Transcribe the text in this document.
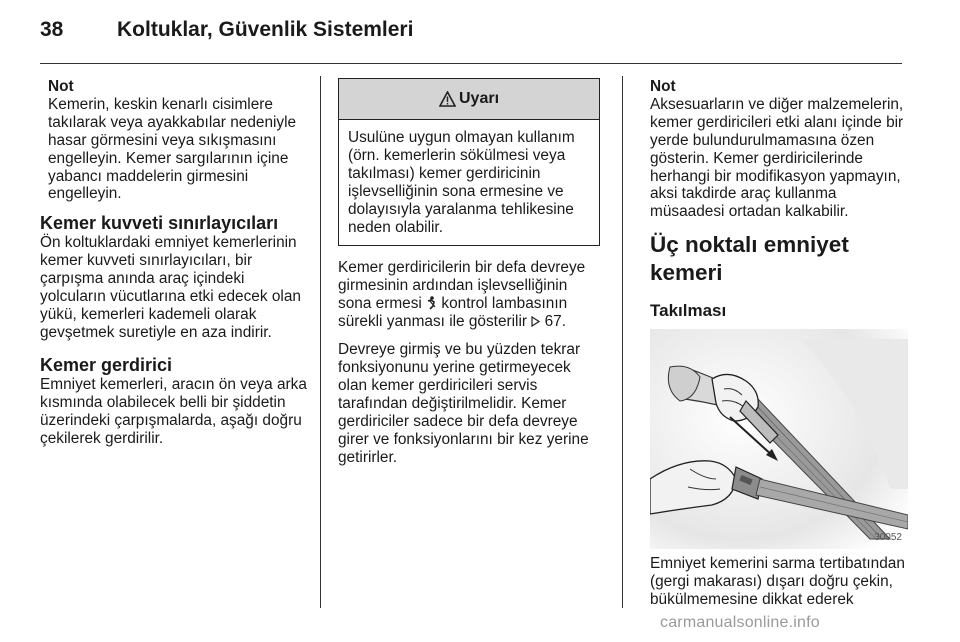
38	Koltuklar, Güvenlik Sistemleri
Not

Kemerin, keskin kenarlı cisimlere takılarak veya ayakkabılar nedeniyle hasar görmesini veya sıkışmasını engelleyin. Kemer sargılarının içine yabancı maddelerin girmesini engelleyin.

Kemer kuvveti sınırlayıcıları

Ön koltuklardaki emniyet kemerlerinin kemer kuvveti sınırlayıcıları, bir çarpışma anında araç içindeki yolcuların vücutlarına etki edecek olan yükü, kemerleri kademeli olarak gevşetmek suretiyle en aza indirir.

Kemer gerdirici

Emniyet kemerleri, aracın ön veya arka kısmında olabilecek belli bir şiddetin üzerindeki çarpışmalarda, aşağı doğru çekilerek gerdirilir.

Uyarı
Usulüne uygun olmayan kullanım (örn. kemerlerin sökülmesi veya takılması) kemer gerdiricinin işlevselliğinin sona ermesine ve dolayısıyla yaralanma tehlikesine neden olabilir.

Kemer gerdiricilerin bir defa devreye girmesinin ardından işlevselliğinin sona ermesi kontrol lambasının sürekli yanması ile gösterilir 67.

Devreye girmiş ve bu yüzden tekrar fonksiyonunu yerine getirmeyecek olan kemer gerdiricileri servis tarafından değiştirilmelidir. Kemer gerdiriciler sadece bir defa devreye girer ve fonksiyonlarını bir kez yerine getirirler.

Not

Aksesuarların ve diğer malzemelerin, kemer gerdiricileri etki alanı içinde bir yerde bulundurulmamasına özen gösterin. Kemer gerdiricilerinde herhangi bir modifikasyon yapmayın, aksi takdirde araç kullanma müsaadesi ortadan kalkabilir.

Üç noktalı emniyet kemeri
Takılması
30052

Emniyet kemerini sarma tertibatından (gergi makarası) dışarı doğru çekin, bükülmemesine dikkat ederek

carmanualsonline.info
